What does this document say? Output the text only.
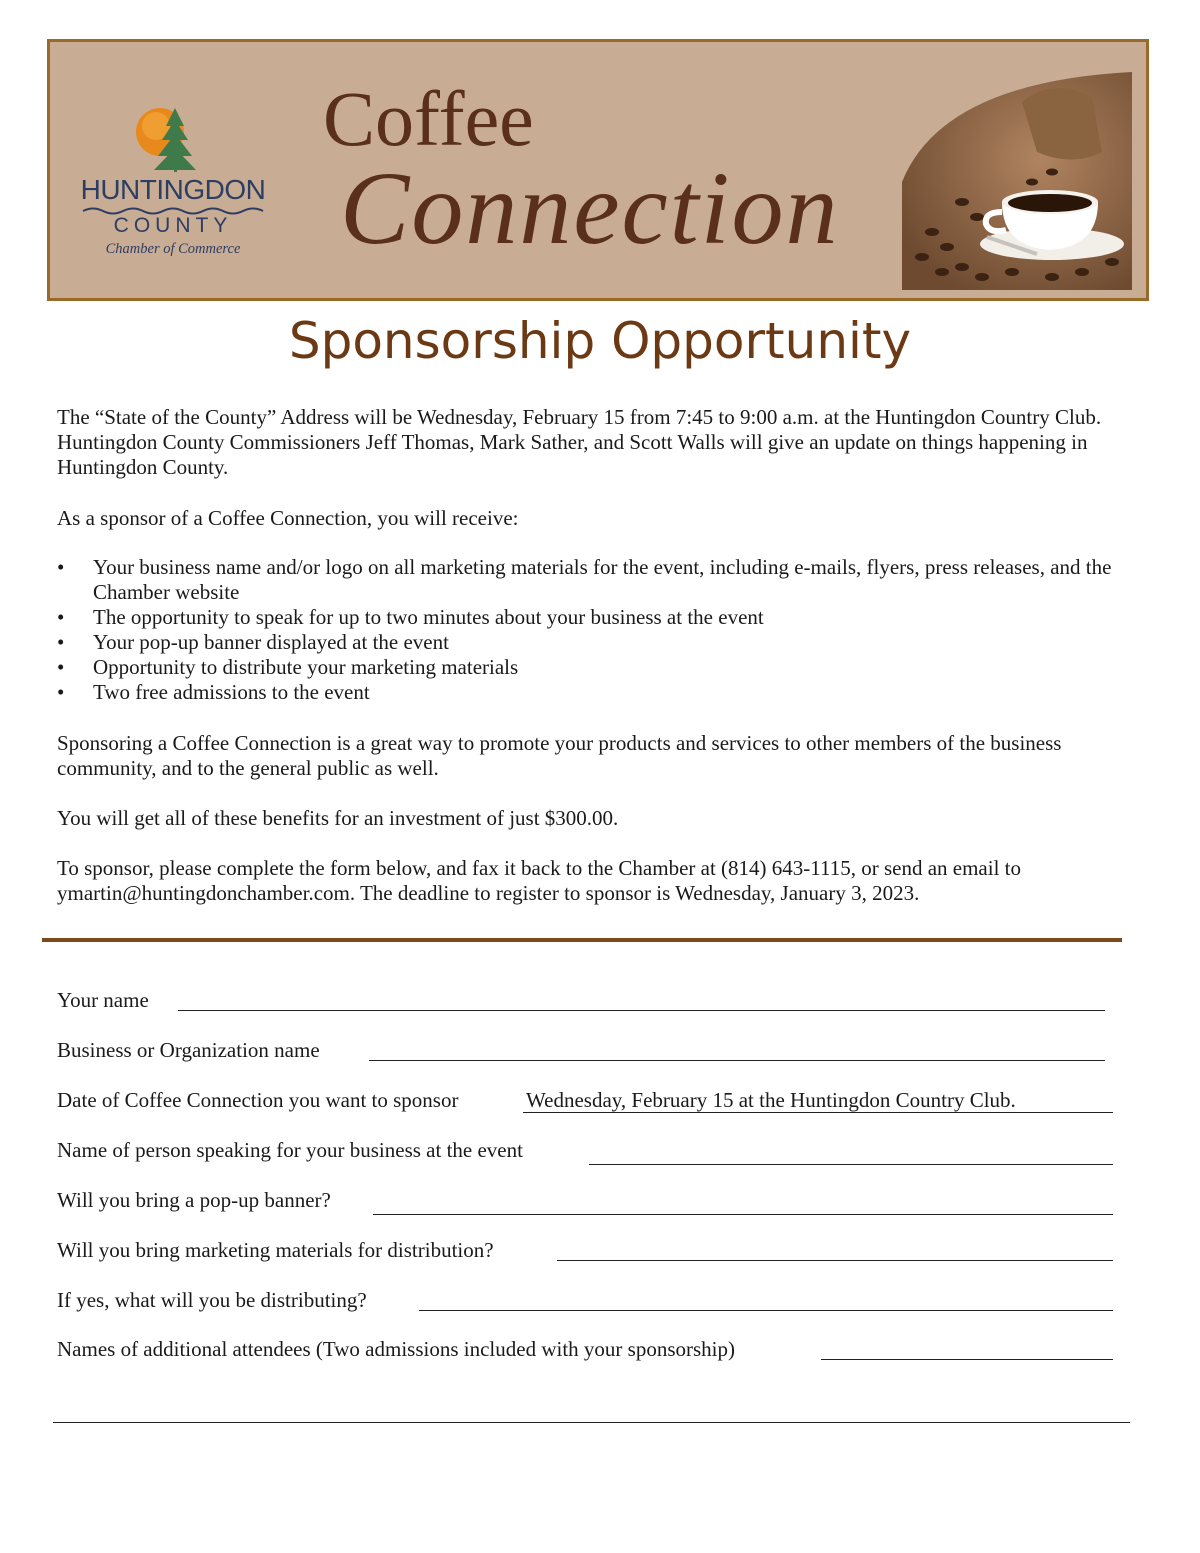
HUNTINGDON
COUNTY
Chamber of Commerce
Coffee
Connection
Sponsorship Opportunity

The “State of the County” Address will be Wednesday, February 15 from 7:45 to 9:00 a.m. at the Huntingdon Country Club. Huntingdon County Commissioners Jeff Thomas, Mark Sather, and Scott Walls will give an update on things happening in Huntingdon County.

As a sponsor of a Coffee Connection, you will receive:

• Your business name and/or logo on all marketing materials for the event, including e-mails, flyers, press releases, and the Chamber website
• The opportunity to speak for up to two minutes about your business at the event
• Your pop-up banner displayed at the event
• Opportunity to distribute your marketing materials
• Two free admissions to the event

Sponsoring a Coffee Connection is a great way to promote your products and services to other members of the business community, and to the general public as well.

You will get all of these benefits for an investment of just $300.00.

To sponsor, please complete the form below, and fax it back to the Chamber at (814) 643-1115, or send an email to ymartin@huntingdonchamber.com. The deadline to register to sponsor is Wednesday, January 3, 2023.

Your name
Business or Organization name
Date of Coffee Connection you want to sponsor	Wednesday, February 15 at the Huntingdon Country Club.
Name of person speaking for your business at the event
Will you bring a pop-up banner?
Will you bring marketing materials for distribution?
If yes, what will you be distributing?
Names of additional attendees (Two admissions included with your sponsorship)
